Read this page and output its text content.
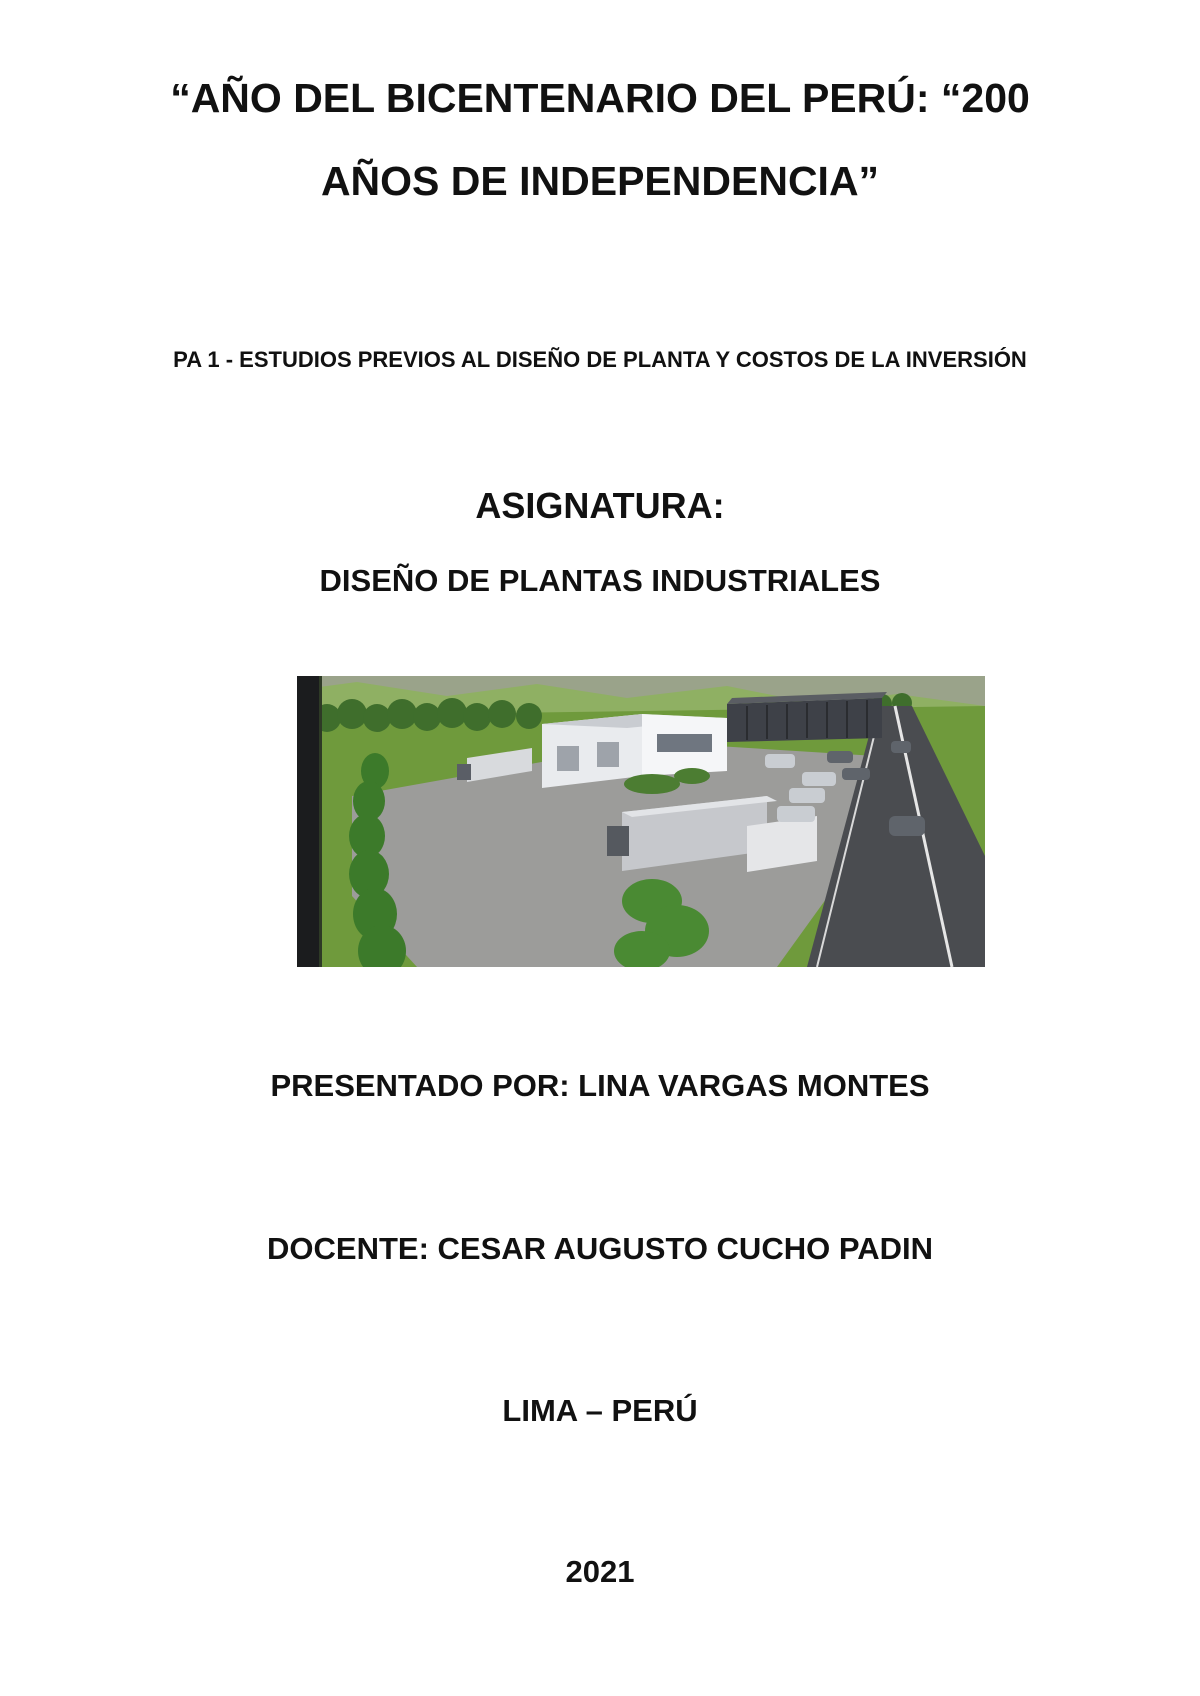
“AÑO DEL BICENTENARIO DEL PERÚ: “200
AÑOS DE INDEPENDENCIA”
PA 1 - ESTUDIOS PREVIOS AL DISEÑO DE PLANTA Y COSTOS DE LA INVERSIÓN
ASIGNATURA:
DISEÑO DE PLANTAS INDUSTRIALES
PRESENTADO POR: LINA VARGAS MONTES
DOCENTE: CESAR AUGUSTO CUCHO PADIN
LIMA – PERÚ
2021
